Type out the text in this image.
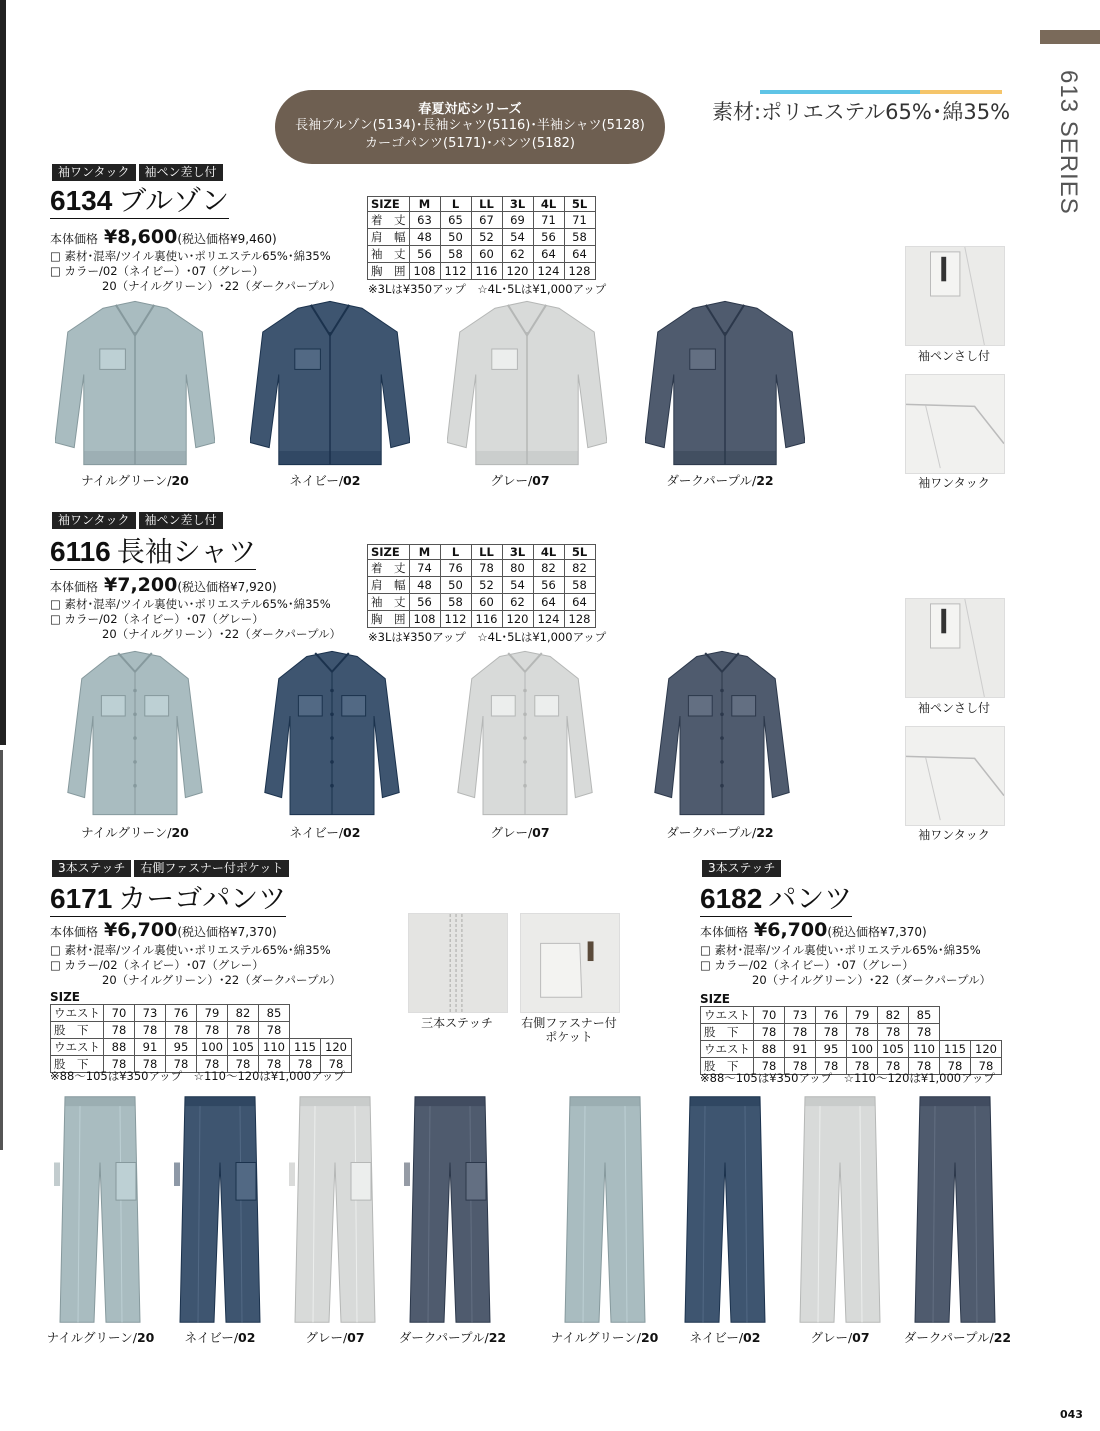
613 SERIES
春夏対応シリーズ
長袖ブルゾン(5134)･長袖シャツ(5116)･半袖シャツ(5128)
カーゴパンツ(5171)･パンツ(5182)
素材:ポリエステル65%･綿35%
袖ワンタック	袖ペン差し付
6134 ブルゾン
本体価格 ¥8,600(税込価格¥9,460)
□ 素材･混率/ツイル裏使い･ポリエステル65%･綿35%
□ カラー/02（ネイビー）･07（グレー）
20（ナイルグリーン）･22（ダークパープル）
SIZE	M	L	LL	3L	4L	5L
着　丈	63	65	67	69	71	71
肩　幅	48	50	52	54	56	58
袖　丈	56	58	60	62	64	64
胸　囲	108	112	116	120	124	128
※3Lは¥350アップ　☆4L･5Lは¥1,000アップ
ナイルグリーン/20	ネイビー/02	グレー/07	ダークパープル/22
袖ペンさし付
袖ワンタック
袖ワンタック	袖ペン差し付
6116 長袖シャツ
本体価格 ¥7,200(税込価格¥7,920)
□ 素材･混率/ツイル裏使い･ポリエステル65%･綿35%
□ カラー/02（ネイビー）･07（グレー）
20（ナイルグリーン）･22（ダークパープル）
SIZE	M	L	LL	3L	4L	5L
着　丈	74	76	78	80	82	82
肩　幅	48	50	52	54	56	58
袖　丈	56	58	60	62	64	64
胸　囲	108	112	116	120	124	128
※3Lは¥350アップ　☆4L･5Lは¥1,000アップ
ナイルグリーン/20	ネイビー/02	グレー/07	ダークパープル/22
袖ペンさし付
袖ワンタック
3本ステッチ	右側ファスナー付ポケット
6171 カーゴパンツ
本体価格 ¥6,700(税込価格¥7,370)
□ 素材･混率/ツイル裏使い･ポリエステル65%･綿35%
□ カラー/02（ネイビー）･07（グレー）
20（ナイルグリーン）･22（ダークパープル）
SIZE
ウエスト	70	73	76	79	82	85		
股　下	78	78	78	78	78	78		
ウエスト	88	91	95	100	105	110	115	120
股　下	78	78	78	78	78	78	78	78
※88～105は¥350アップ　☆110～120は¥1,000アップ
三本ステッチ	右側ファスナー付
ポケット
3本ステッチ
6182 パンツ
本体価格 ¥6,700(税込価格¥7,370)
□ 素材･混率/ツイル裏使い･ポリエステル65%･綿35%
□ カラー/02（ネイビー）･07（グレー）
20（ナイルグリーン）･22（ダークパープル）
SIZE
ウエスト	70	73	76	79	82	85		
股　下	78	78	78	78	78	78		
ウエスト	88	91	95	100	105	110	115	120
股　下	78	78	78	78	78	78	78	78
※88～105は¥350アップ　☆110～120は¥1,000アップ
ナイルグリーン/20	ネイビー/02	グレー/07	ダークパープル/22	ナイルグリーン/20	ネイビー/02	グレー/07	ダークパープル/22
043
